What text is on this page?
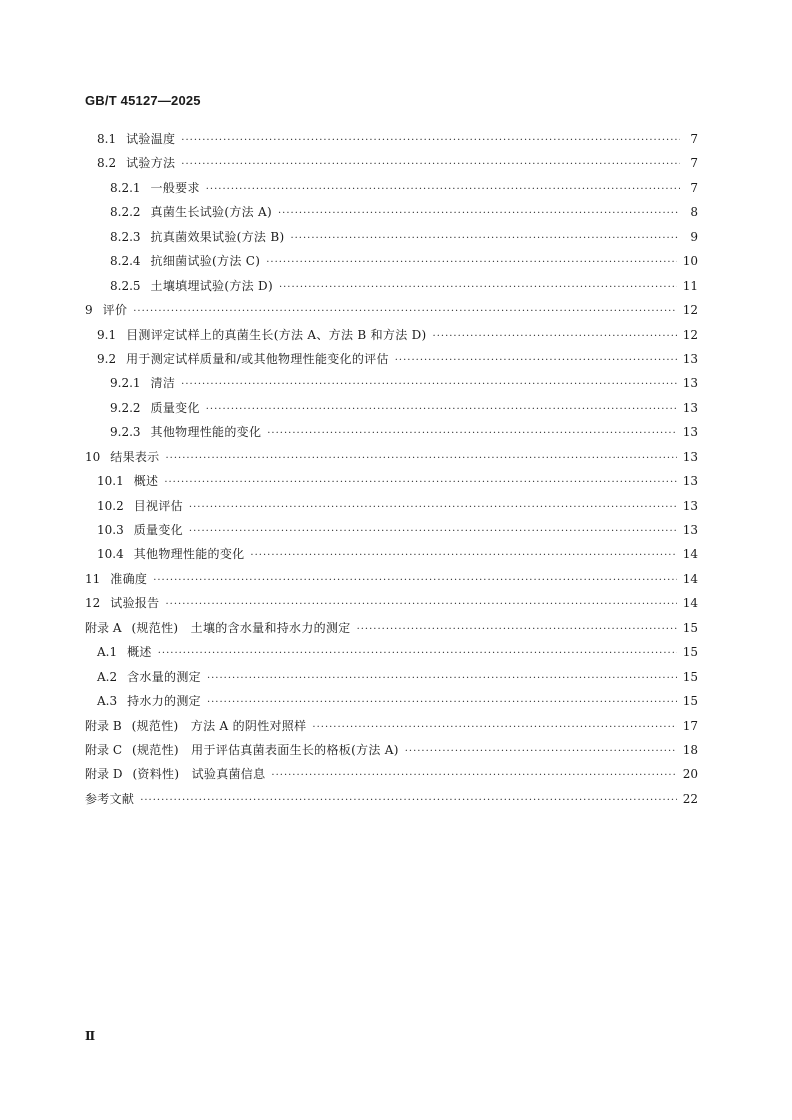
GB/T 45127—2025
8.1 试验温度 ·····	7
8.2 试验方法 ·····	7
8.2.1 一般要求 ·····	7
8.2.2 真菌生长试验(方法 A) ·····	8
8.2.3 抗真菌效果试验(方法 B) ·····	9
8.2.4 抗细菌试验(方法 C) ·····	10
8.2.5 土壤填埋试验(方法 D) ·····	11
9 评价 ·····	12
9.1 目测评定试样上的真菌生长(方法 A、方法 B 和方法 D) ·····	12
9.2 用于测定试样质量和/或其他物理性能变化的评估 ·····	13
9.2.1 清洁 ·····	13
9.2.2 质量变化 ·····	13
9.2.3 其他物理性能的变化 ·····	13
10 结果表示 ·····	13
10.1 概述 ·····	13
10.2 目视评估 ·····	13
10.3 质量变化 ·····	13
10.4 其他物理性能的变化 ·····	14
11 准确度 ·····	14
12 试验报告 ·····	14
附录 A (规范性)　土壤的含水量和持水力的测定 ·····	15
A.1 概述 ·····	15
A.2 含水量的测定 ·····	15
A.3 持水力的测定 ·····	15
附录 B (规范性)　方法 A 的阴性对照样 ·····	17
附录 C (规范性)　用于评估真菌表面生长的格板(方法 A) ·····	18
附录 D (资料性)　试验真菌信息 ·····	20
参考文献 ·····	22
Ⅱ
